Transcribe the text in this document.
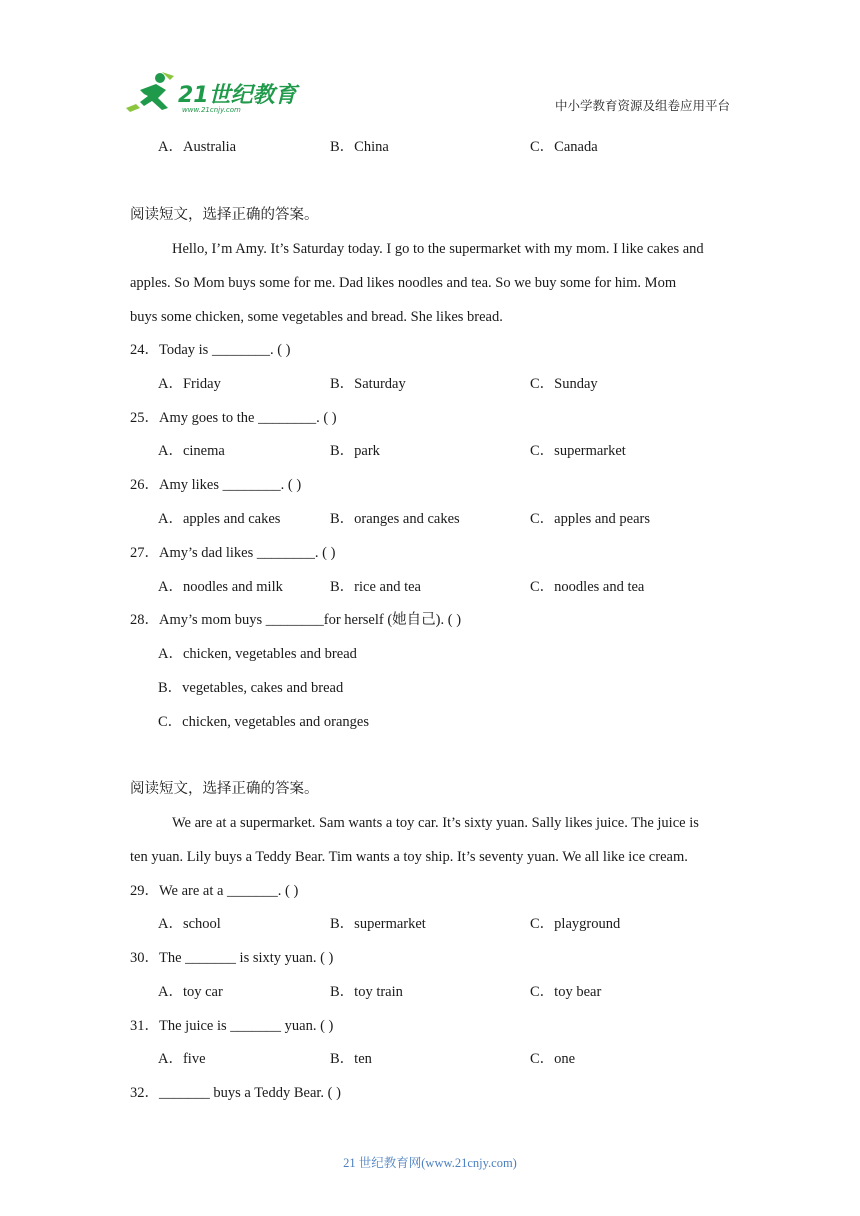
21世纪教育
www.21cnjy.com	中小学教育资源及组卷应用平台
A．Australia	B．China	C．Canada
阅读短文，选择正确的答案。
Hello, I’m Amy. It’s Saturday today. I go to the supermarket with my mom. I like cakes and
apples. So Mom buys some for me. Dad likes noodles and tea. So we buy some for him. Mom
buys some chicken, some vegetables and bread. She likes bread.
24．Today is ________. ( )
A．Friday	B．Saturday	C．Sunday
25．Amy goes to the ________. ( )
A．cinema	B．park	C．supermarket
26．Amy likes ________. ( )
A．apples and cakes	B．oranges and cakes	C．apples and pears
27．Amy’s dad likes ________. ( )
A．noodles and milk	B．rice and tea	C．noodles and tea
28．Amy’s mom buys ________for herself (她自己). ( )
A．chicken, vegetables and bread
B．vegetables, cakes and bread
C．chicken, vegetables and oranges
阅读短文，选择正确的答案。
We are at a supermarket. Sam wants a toy car. It’s sixty yuan. Sally likes juice. The juice is
ten yuan. Lily buys a Teddy Bear. Tim wants a toy ship. It’s seventy yuan. We all like ice cream.
29．We are at a _______. ( )
A．school	B．supermarket	C．playground
30．The _______ is sixty yuan. ( )
A．toy car	B．toy train	C．toy bear
31．The juice is _______ yuan. ( )
A．five	B．ten	C．one
32．_______ buys a Teddy Bear. ( )
21 世纪教育网(www.21cnjy.com)
